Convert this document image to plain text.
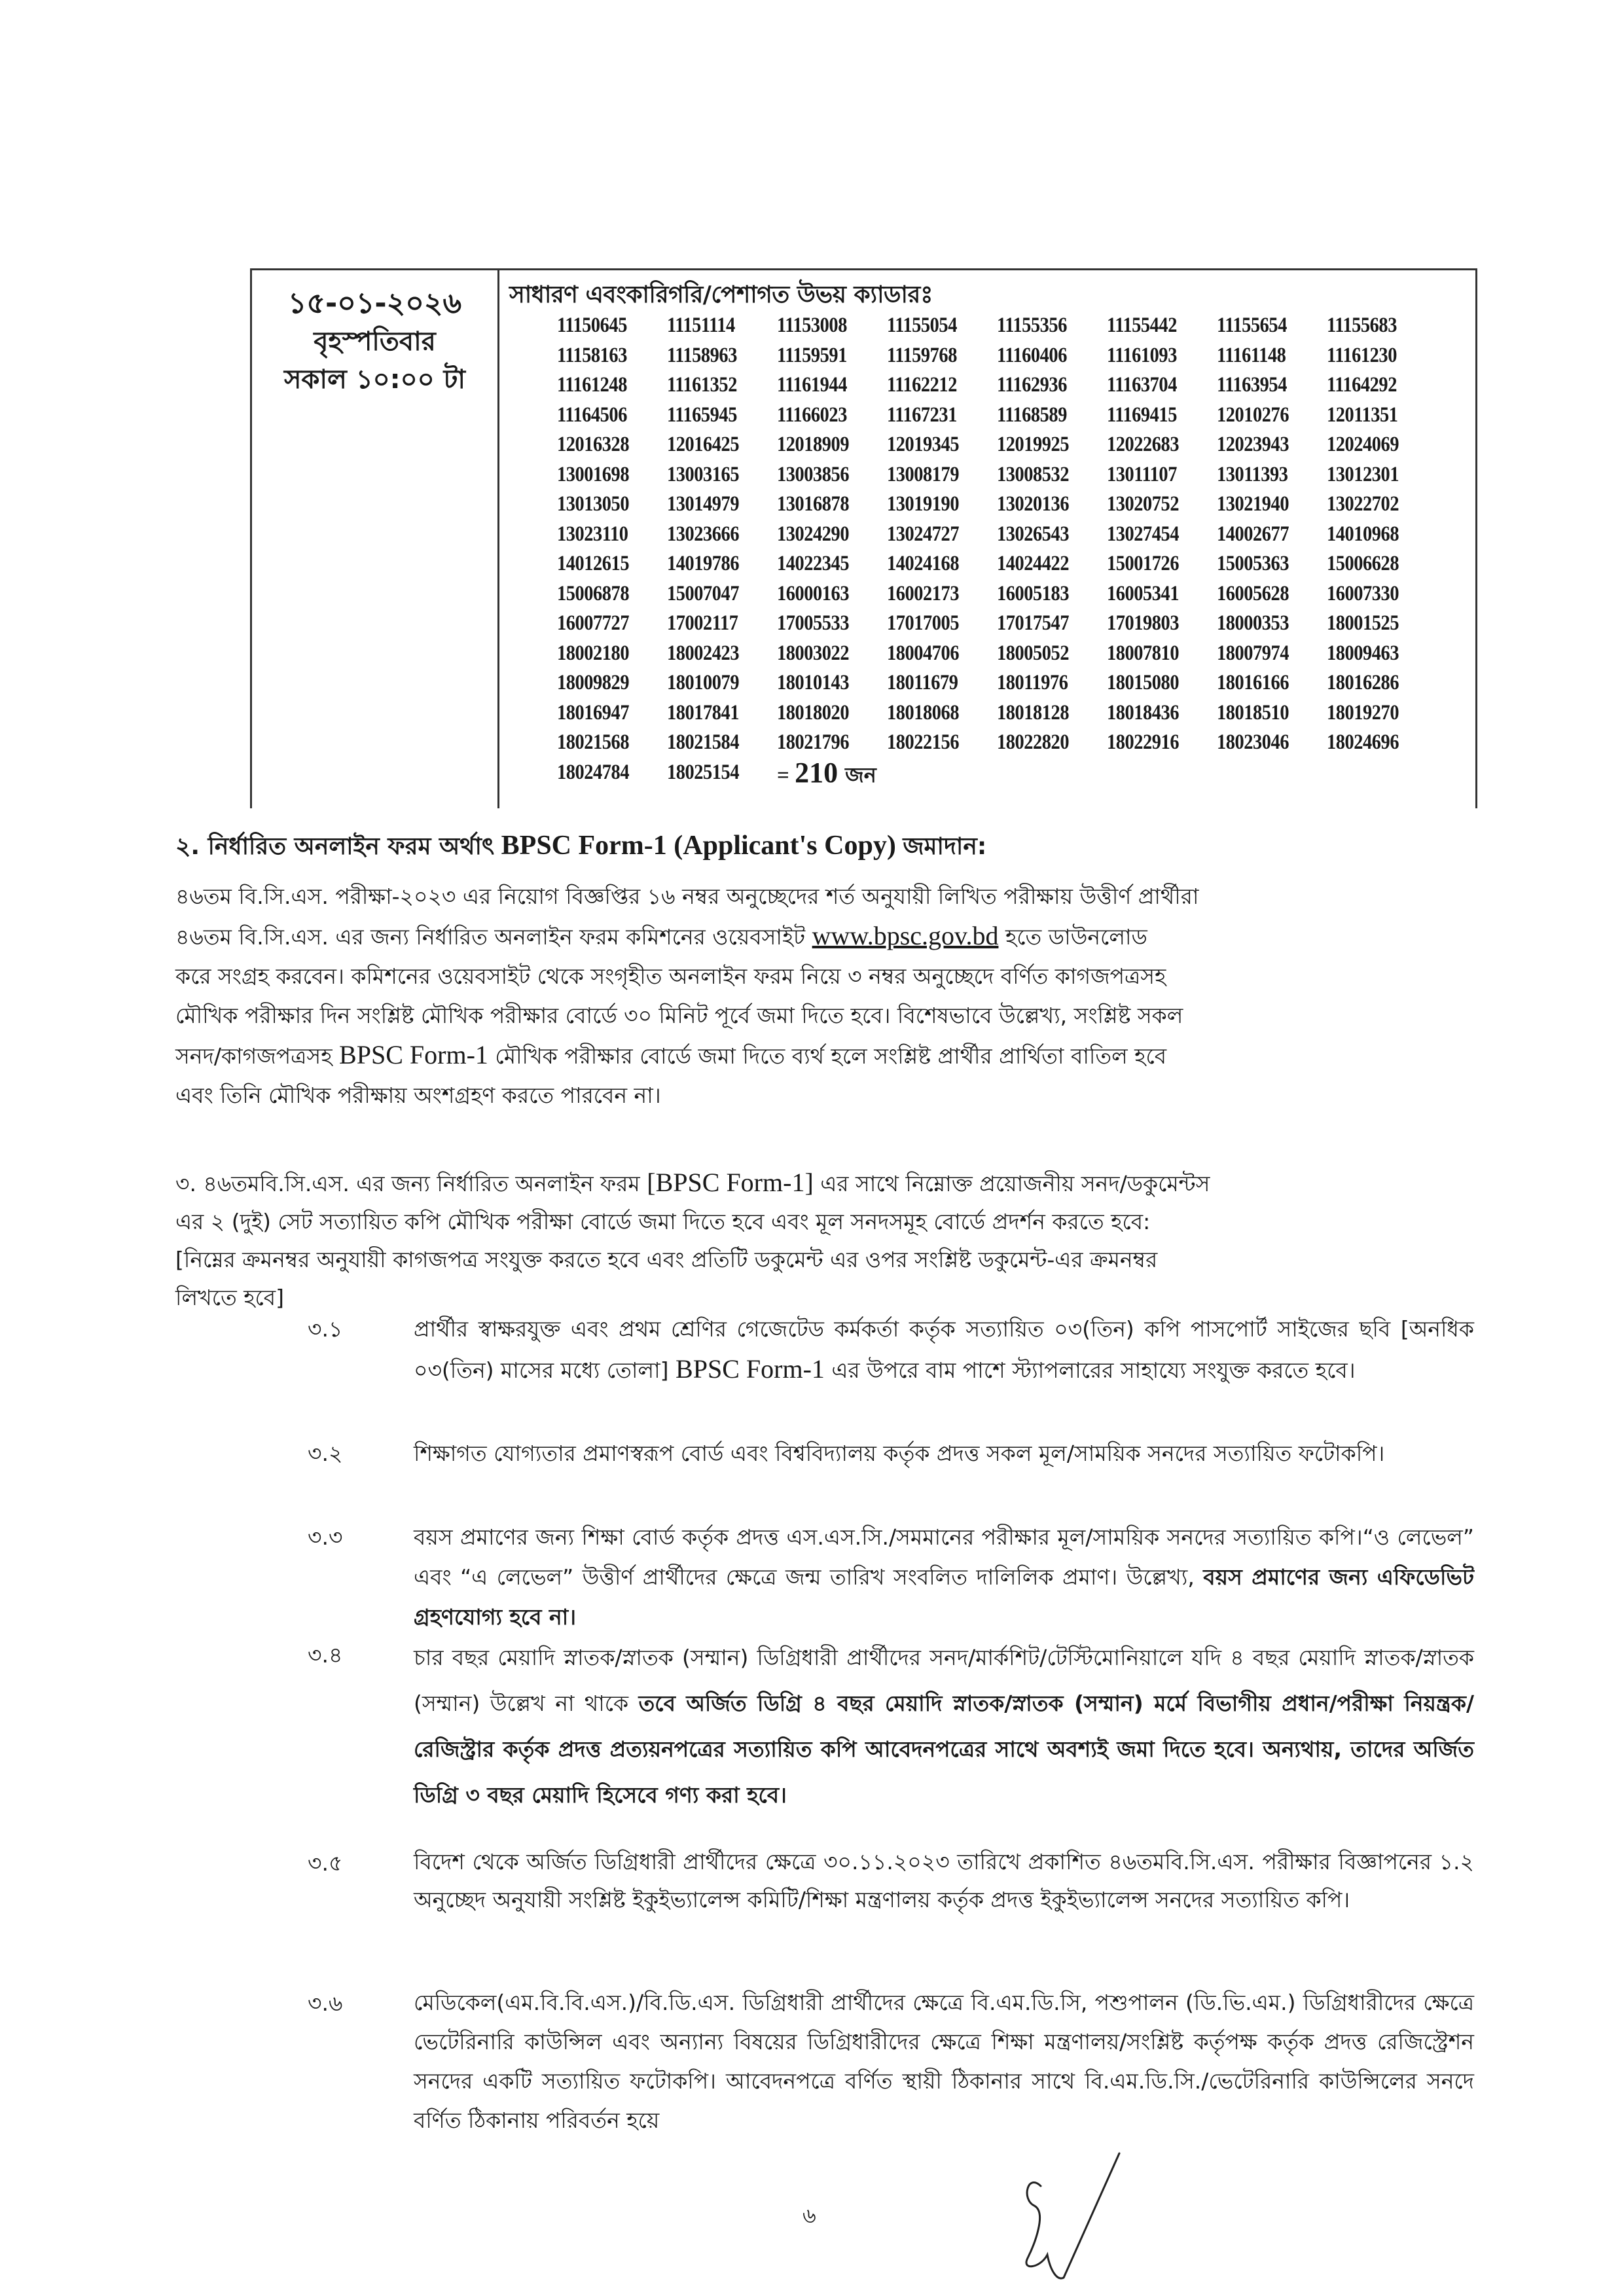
১৫-০১-২০২৬
বৃহস্পতিবার
সকাল ১০:০০ টা
সাধারণ এবংকারিগরি/পেশাগত উভয় ক্যাডারঃ
11150645	11151114	11153008	11155054	11155356	11155442	11155654	11155683
11158163	11158963	11159591	11159768	11160406	11161093	11161148	11161230
11161248	11161352	11161944	11162212	11162936	11163704	11163954	11164292
11164506	11165945	11166023	11167231	11168589	11169415	12010276	12011351
12016328	12016425	12018909	12019345	12019925	12022683	12023943	12024069
13001698	13003165	13003856	13008179	13008532	13011107	13011393	13012301
13013050	13014979	13016878	13019190	13020136	13020752	13021940	13022702
13023110	13023666	13024290	13024727	13026543	13027454	14002677	14010968
14012615	14019786	14022345	14024168	14024422	15001726	15005363	15006628
15006878	15007047	16000163	16002173	16005183	16005341	16005628	16007330
16007727	17002117	17005533	17017005	17017547	17019803	18000353	18001525
18002180	18002423	18003022	18004706	18005052	18007810	18007974	18009463
18009829	18010079	18010143	18011679	18011976	18015080	18016166	18016286
18016947	18017841	18018020	18018068	18018128	18018436	18018510	18019270
18021568	18021584	18021796	18022156	18022820	18022916	18023046	18024696
18024784	18025154	= 210 জন
২. নির্ধারিত অনলাইন ফরম অর্থাৎ BPSC Form-1 (Applicant's Copy) জমাদান:
৪৬তম বি.সি.এস. পরীক্ষা-২০২৩ এর নিয়োগ বিজ্ঞপ্তির ১৬ নম্বর অনুচ্ছেদের শর্ত অনুযায়ী লিখিত পরীক্ষায় উত্তীর্ণ প্রার্থীরা
৪৬তম বি.সি.এস. এর জন্য নির্ধারিত অনলাইন ফরম কমিশনের ওয়েবসাইট www.bpsc.gov.bd হতে ডাউনলোড
করে সংগ্রহ করবেন। কমিশনের ওয়েবসাইট থেকে সংগৃহীত অনলাইন ফরম নিয়ে ৩ নম্বর অনুচ্ছেদে বর্ণিত কাগজপত্রসহ
মৌখিক পরীক্ষার দিন সংশ্লিষ্ট মৌখিক পরীক্ষার বোর্ডে ৩০ মিনিট পূর্বে জমা দিতে হবে। বিশেষভাবে উল্লেখ্য, সংশ্লিষ্ট সকল
সনদ/কাগজপত্রসহ BPSC Form-1 মৌখিক পরীক্ষার বোর্ডে জমা দিতে ব্যর্থ হলে সংশ্লিষ্ট প্রার্থীর প্রার্থিতা বাতিল হবে
এবং তিনি মৌখিক পরীক্ষায় অংশগ্রহণ করতে পারবেন না।
৩. ৪৬তমবি.সি.এস. এর জন্য নির্ধারিত অনলাইন ফরম [BPSC Form-1] এর সাথে নিম্নোক্ত প্রয়োজনীয় সনদ/ডকুমেন্টস
এর ২ (দুই) সেট সত্যায়িত কপি মৌখিক পরীক্ষা বোর্ডে জমা দিতে হবে এবং মূল সনদসমূহ বোর্ডে প্রদর্শন করতে হবে:
[নিম্নের ক্রমনম্বর অনুযায়ী কাগজপত্র সংযুক্ত করতে হবে এবং প্রতিটি ডকুমেন্ট এর ওপর সংশ্লিষ্ট ডকুমেন্ট-এর ক্রমনম্বর
লিখতে হবে]
৩.১	প্রার্থীর স্বাক্ষরযুক্ত এবং প্রথম শ্রেণির গেজেটেড কর্মকর্তা কর্তৃক সত্যায়িত ০৩(তিন) কপি পাসপোর্ট সাইজের ছবি [অনধিক ০৩(তিন) মাসের মধ্যে তোলা] BPSC Form-1 এর উপরে বাম পাশে স্ট্যাপলারের সাহায্যে সংযুক্ত করতে হবে।
৩.২	শিক্ষাগত যোগ্যতার প্রমাণস্বরূপ বোর্ড এবং বিশ্ববিদ্যালয় কর্তৃক প্রদত্ত সকল মূল/সাময়িক সনদের সত্যায়িত ফটোকপি।
৩.৩	বয়স প্রমাণের জন্য শিক্ষা বোর্ড কর্তৃক প্রদত্ত এস.এস.সি./সমমানের পরীক্ষার মূল/সাময়িক সনদের সত্যায়িত কপি।“ও লেভেল” এবং “এ লেভেল” উত্তীর্ণ প্রার্থীদের ক্ষেত্রে জন্ম তারিখ সংবলিত দালিলিক প্রমাণ। উল্লেখ্য, বয়স প্রমাণের জন্য এফিডেভিট গ্রহণযোগ্য হবে না।
৩.৪	চার বছর মেয়াদি স্নাতক/স্নাতক (সম্মান) ডিগ্রিধারী প্রার্থীদের সনদ/মার্কশিট/টেস্টিমোনিয়ালে যদি ৪ বছর মেয়াদি স্নাতক/স্নাতক (সম্মান) উল্লেখ না থাকে তবে অর্জিত ডিগ্রি ৪ বছর মেয়াদি স্নাতক/স্নাতক (সম্মান) মর্মে বিভাগীয় প্রধান/পরীক্ষা নিয়ন্ত্রক/রেজিস্ট্রার কর্তৃক প্রদত্ত প্রত্যয়নপত্রের সত্যায়িত কপি আবেদনপত্রের সাথে অবশ্যই জমা দিতে হবে। অন্যথায়, তাদের অর্জিত ডিগ্রি ৩ বছর মেয়াদি হিসেবে গণ্য করা হবে।
৩.৫	বিদেশ থেকে অর্জিত ডিগ্রিধারী প্রার্থীদের ক্ষেত্রে ৩০.১১.২০২৩ তারিখে প্রকাশিত ৪৬তমবি.সি.এস. পরীক্ষার বিজ্ঞাপনের ১.২ অনুচ্ছেদ অনুযায়ী সংশ্লিষ্ট ইকুইভ্যালেন্স কমিটি/শিক্ষা মন্ত্রণালয় কর্তৃক প্রদত্ত ইকুইভ্যালেন্স সনদের সত্যায়িত কপি।
৩.৬	মেডিকেল(এম.বি.বি.এস.)/বি.ডি.এস. ডিগ্রিধারী প্রার্থীদের ক্ষেত্রে বি.এম.ডি.সি, পশুপালন (ডি.ভি.এম.) ডিগ্রিধারীদের ক্ষেত্রে ভেটেরিনারি কাউন্সিল এবং অন্যান্য বিষয়ের ডিগ্রিধারীদের ক্ষেত্রে শিক্ষা মন্ত্রণালয়/সংশ্লিষ্ট কর্তৃপক্ষ কর্তৃক প্রদত্ত রেজিস্ট্রেশন সনদের একটি সত্যায়িত ফটোকপি। আবেদনপত্রে বর্ণিত স্থায়ী ঠিকানার সাথে বি.এম.ডি.সি./ভেটেরিনারি কাউন্সিলের সনদে বর্ণিত ঠিকানায় পরিবর্তন হয়ে
৬
